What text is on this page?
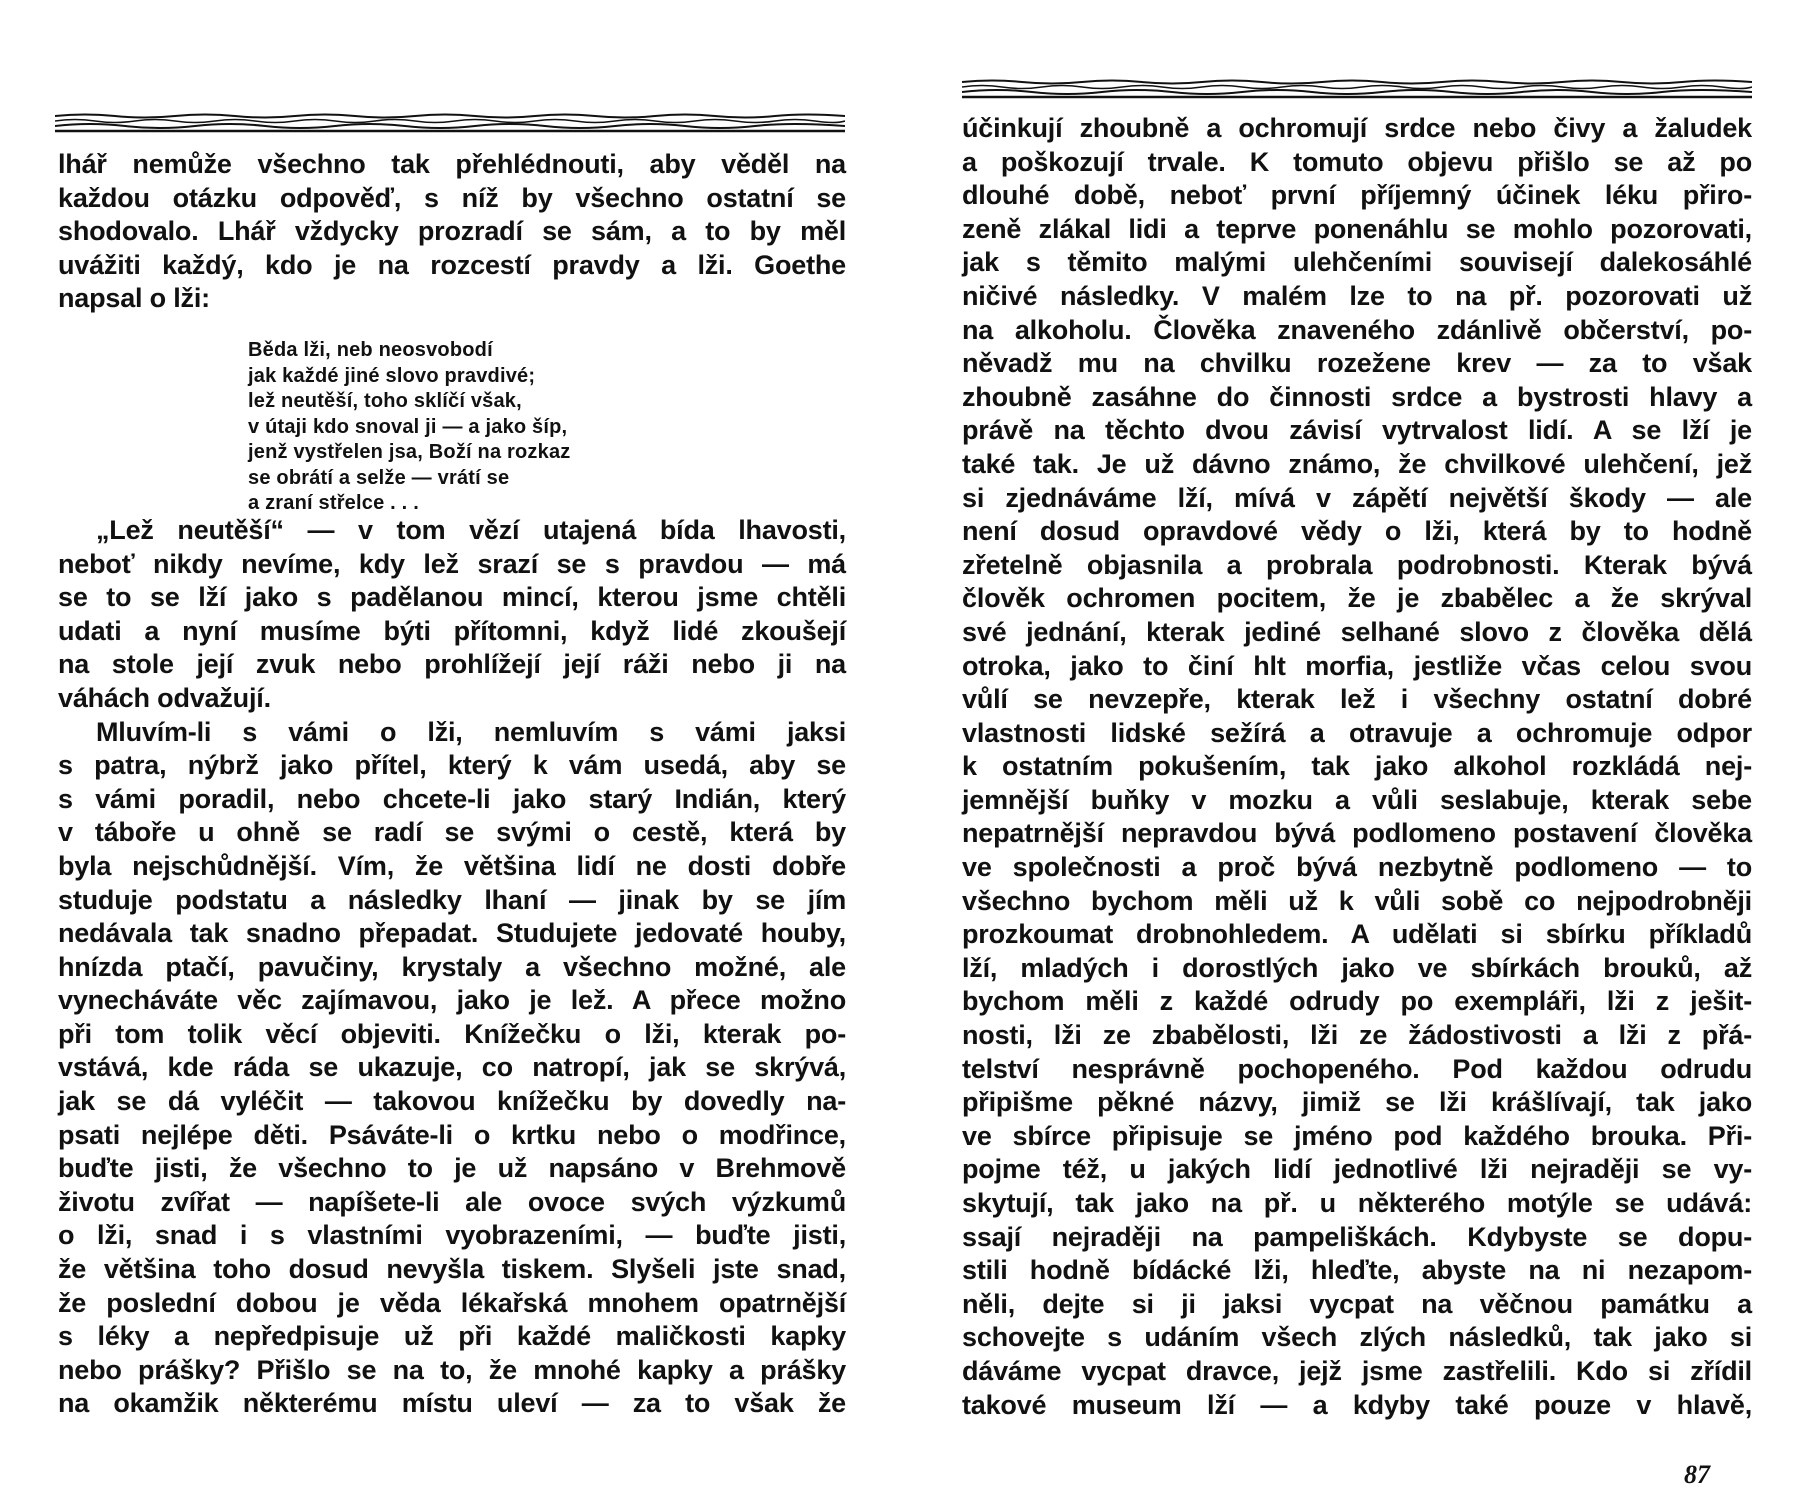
lhář nemůže všechno tak přehlédnouti, aby věděl na
každou otázku odpověď, s níž by všechno ostatní se
shodovalo. Lhář vždycky prozradí se sám, a to by měl
uvážiti každý, kdo je na rozcestí pravdy a lži. Goethe
napsal o lži:
„Lež neutěší“ — v tom vězí utajená bída lhavosti,
neboť nikdy nevíme, kdy lež srazí se s pravdou — má
se to se lží jako s padělanou mincí, kterou jsme chtěli
udati a nyní musíme býti přítomni, když lidé zkoušejí
na stole její zvuk nebo prohlížejí její ráži nebo ji na
váhách odvažují.
Mluvím-li s vámi o lži, nemluvím s vámi jaksi
s patra, nýbrž jako přítel, který k vám usedá, aby se
s vámi poradil, nebo chcete-li jako starý Indián, který
v táboře u ohně se radí se svými o cestě, která by
byla nejschůdnější. Vím, že většina lidí ne dosti dobře
studuje podstatu a následky lhaní — jinak by se jím
nedávala tak snadno přepadat. Studujete jedovaté houby,
hnízda ptačí, pavučiny, krystaly a všechno možné, ale
vynecháváte věc zajímavou, jako je lež. A přece možno
při tom tolik věcí objeviti. Knížečku o lži, kterak po-
vstává, kde ráda se ukazuje, co natropí, jak se skrývá,
jak se dá vyléčit — takovou knížečku by dovedly na-
psati nejlépe děti. Psáváte-li o krtku nebo o modřince,
buďte jisti, že všechno to je už napsáno v Brehmově
životu zvířat — napíšete-li ale ovoce svých výzkumů
o lži, snad i s vlastními vyobrazeními, — buďte jisti,
že většina toho dosud nevyšla tiskem. Slyšeli jste snad,
že poslední dobou je věda lékařská mnohem opatrnější
s léky a nepředpisuje už při každé maličkosti kapky
nebo prášky? Přišlo se na to, že mnohé kapky a prášky
na okamžik některému místu uleví — za to však že
Běda lži, neb neosvobodí
jak každé jiné slovo pravdivé;
lež neutěší, toho sklíčí však,
v útaji kdo snoval ji — a jako šíp,
jenž vystřelen jsa, Boží na rozkaz
se obrátí a selže — vrátí se
a zraní střelce . . .
účinkují zhoubně a ochromují srdce nebo čivy a žaludek
a poškozují trvale. K tomuto objevu přišlo se až po
dlouhé době, neboť první příjemný účinek léku přiro-
zeně zlákal lidi a teprve ponenáhlu se mohlo pozorovati,
jak s těmito malými ulehčeními souvisejí dalekosáhlé
ničivé následky. V malém lze to na př. pozorovati už
na alkoholu. Člověka znaveného zdánlivě občerství, po-
něvadž mu na chvilku rozežene krev — za to však
zhoubně zasáhne do činnosti srdce a bystrosti hlavy a
právě na těchto dvou závisí vytrvalost lidí. A se lží je
také tak. Je už dávno známo, že chvilkové ulehčení, jež
si zjednáváme lží, mívá v zápětí největší škody — ale
není dosud opravdové vědy o lži, která by to hodně
zřetelně objasnila a probrala podrobnosti. Kterak bývá
člověk ochromen pocitem, že je zbabělec a že skrýval
své jednání, kterak jediné selhané slovo z člověka dělá
otroka, jako to činí hlt morfia, jestliže včas celou svou
vůlí se nevzepře, kterak lež i všechny ostatní dobré
vlastnosti lidské sežírá a otravuje a ochromuje odpor
k ostatním pokušením, tak jako alkohol rozkládá nej-
jemnější buňky v mozku a vůli seslabuje, kterak sebe
nepatrnější nepravdou bývá podlomeno postavení člověka
ve společnosti a proč bývá nezbytně podlomeno — to
všechno bychom měli už k vůli sobě co nejpodrobněji
prozkoumat drobnohledem. A udělati si sbírku příkladů
lží, mladých i dorostlých jako ve sbírkách brouků, až
bychom měli z každé odrudy po exempláři, lži z ješit-
nosti, lži ze zbabělosti, lži ze žádostivosti a lži z přá-
telství nesprávně pochopeného. Pod každou odrudu
připišme pěkné názvy, jimiž se lži krášlívají, tak jako
ve sbírce připisuje se jméno pod každého brouka. Při-
pojme též, u jakých lidí jednotlivé lži nejraději se vy-
skytují, tak jako na př. u některého motýle se udává:
ssají nejraději na pampeliškách. Kdybyste se dopu-
stili hodně bídácké lži, hleďte, abyste na ni nezapom-
něli, dejte si ji jaksi vycpat na věčnou památku a
schovejte s udáním všech zlých následků, tak jako si
dáváme vycpat dravce, jejž jsme zastřelili. Kdo si zřídil
takové museum lží — a kdyby také pouze v hlavě,
87
